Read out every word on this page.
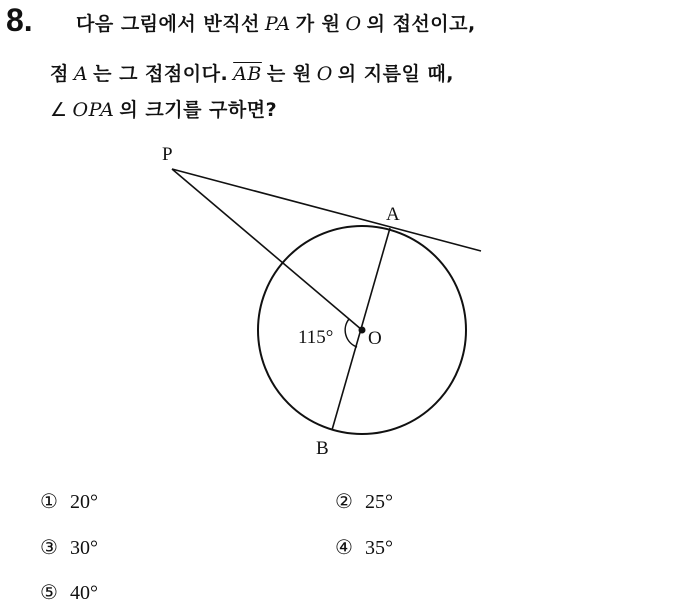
8. 다음 그림에서 반직선 PA 가 원 O 의 접선이고,
점 A 는 그 접점이다. $\overline{AB}$ 는 원 O 의 지름일 때,
∠ OPA 의 크기를 구하면?
P
A
O
B
115°
① 20°	② 25°
③ 30°	④ 35°
⑤ 40°
